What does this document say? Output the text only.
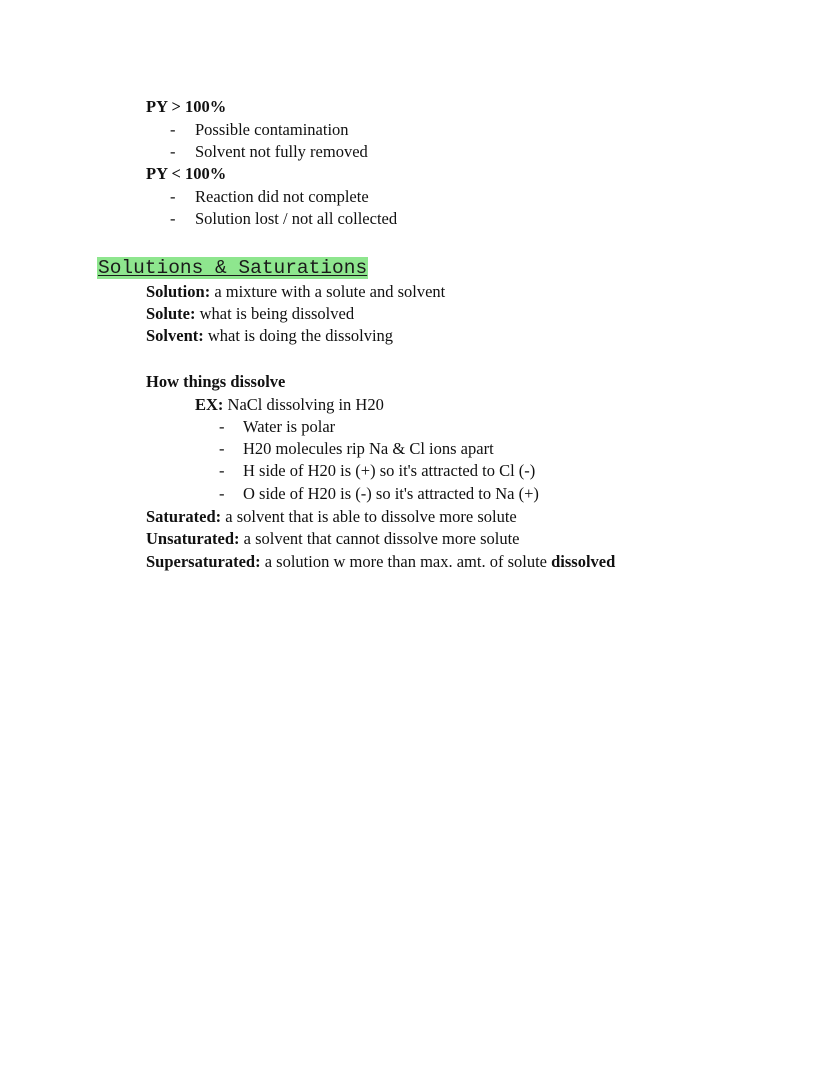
PY > 100%
- Possible contamination
- Solvent not fully removed
PY < 100%
- Reaction did not complete
- Solution lost / not all collected
Solutions & Saturations
Solution: a mixture with a solute and solvent
Solute: what is being dissolved
Solvent: what is doing the dissolving
How things dissolve
EX: NaCl dissolving in H20
- Water is polar
- H20 molecules rip Na & Cl ions apart
- H side of H20 is (+) so it's attracted to Cl (-)
- O side of H20 is (-) so it's attracted to Na (+)
Saturated: a solvent that is able to dissolve more solute
Unsaturated: a solvent that cannot dissolve more solute
Supersaturated: a solution w more than max. amt. of solute dissolved
